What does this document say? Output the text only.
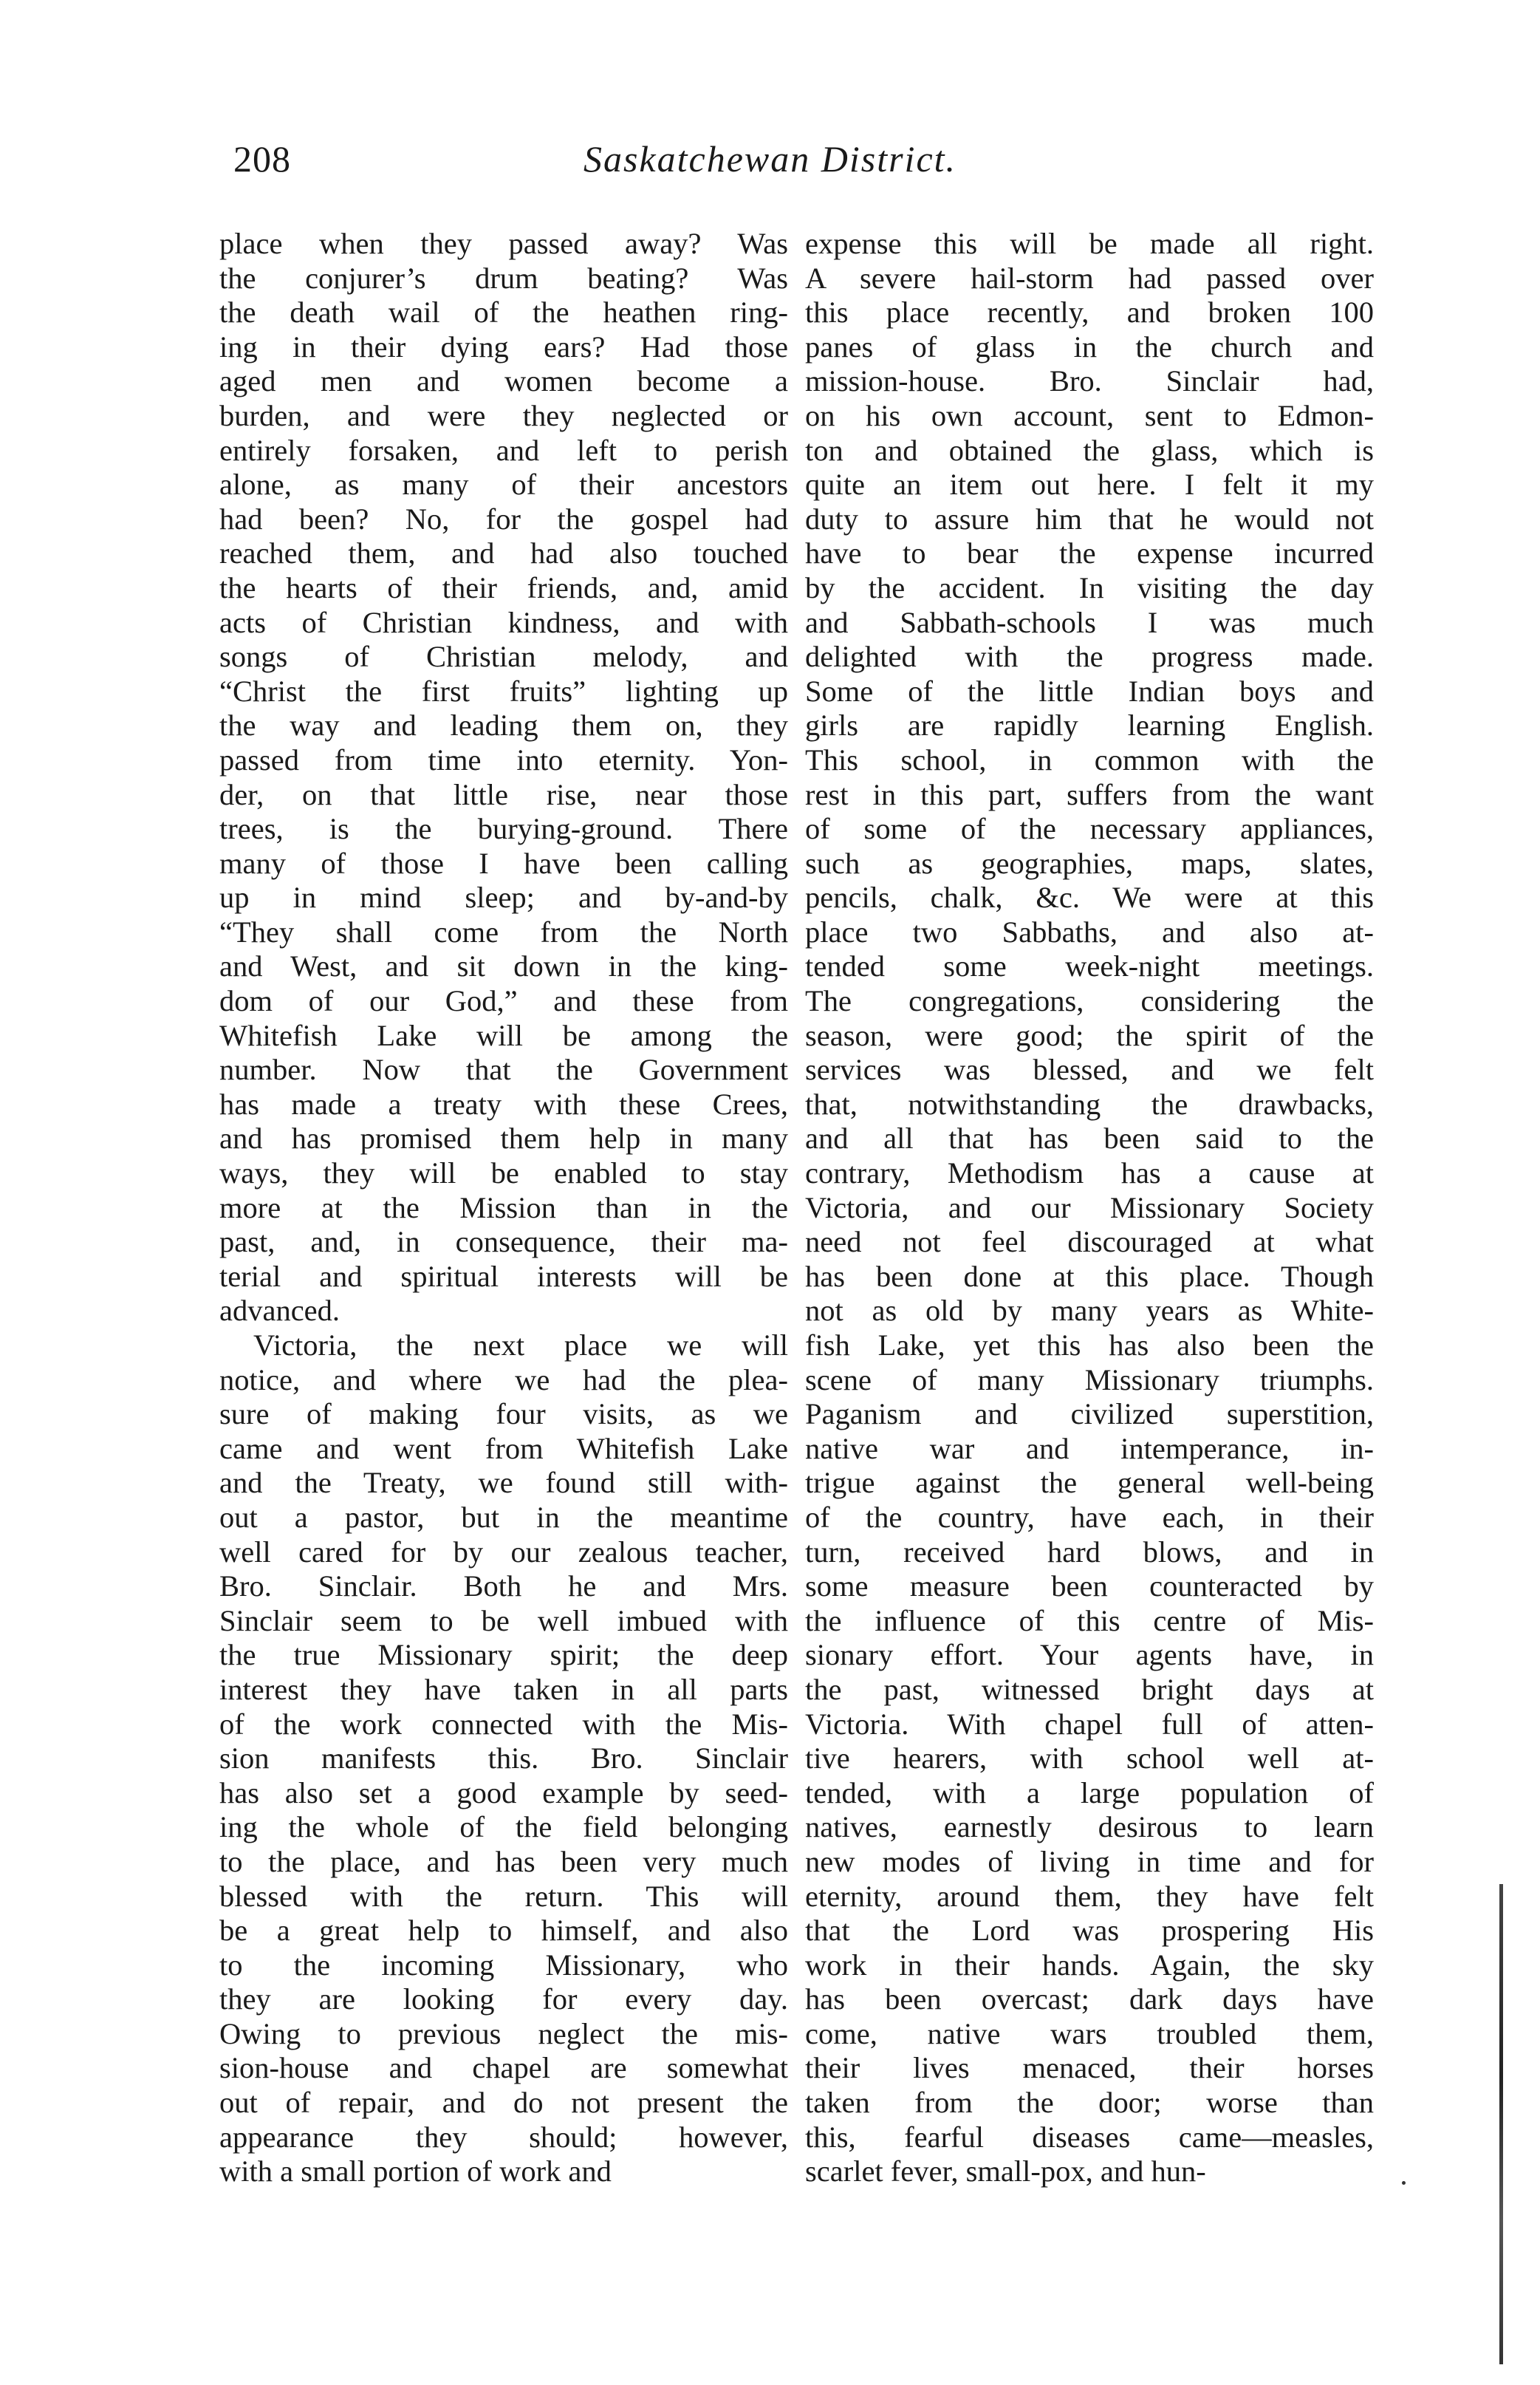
208	Saskatchewan District.
place when they passed away? Was
the conjurer’s drum beating? Was
the death wail of the heathen ring-
ing in their dying ears? Had those
aged men and women become a
burden, and were they neglected or
entirely forsaken, and left to perish
alone, as many of their ancestors
had been? No, for the gospel had
reached them, and had also touched
the hearts of their friends, and, amid
acts of Christian kindness, and with
songs of Christian melody, and
“Christ the first fruits” lighting up
the way and leading them on, they
passed from time into eternity. Yon-
der, on that little rise, near those
trees, is the burying-ground. There
many of those I have been calling
up in mind sleep; and by-and-by
“They shall come from the North
and West, and sit down in the king-
dom of our God,” and these from
Whitefish Lake will be among the
number. Now that the Government
has made a treaty with these Crees,
and has promised them help in many
ways, they will be enabled to stay
more at the Mission than in the
past, and, in consequence, their ma-
terial and spiritual interests will be
advanced.
Victoria, the next place we will
notice, and where we had the plea-
sure of making four visits, as we
came and went from Whitefish Lake
and the Treaty, we found still with-
out a pastor, but in the meantime
well cared for by our zealous teacher,
Bro. Sinclair. Both he and Mrs.
Sinclair seem to be well imbued with
the true Missionary spirit; the deep
interest they have taken in all parts
of the work connected with the Mis-
sion manifests this. Bro. Sinclair
has also set a good example by seed-
ing the whole of the field belonging
to the place, and has been very much
blessed with the return. This will
be a great help to himself, and also
to the incoming Missionary, who
they are looking for every day.
Owing to previous neglect the mis-
sion-house and chapel are somewhat
out of repair, and do not present the
appearance they should; however,
with a small portion of work and
expense this will be made all right.
A severe hail-storm had passed over
this place recently, and broken 100
panes of glass in the church and
mission-house. Bro. Sinclair had,
on his own account, sent to Edmon-
ton and obtained the glass, which is
quite an item out here. I felt it my
duty to assure him that he would not
have to bear the expense incurred
by the accident. In visiting the day
and Sabbath-schools I was much
delighted with the progress made.
Some of the little Indian boys and
girls are rapidly learning English.
This school, in common with the
rest in this part, suffers from the want
of some of the necessary appliances,
such as geographies, maps, slates,
pencils, chalk, &c. We were at this
place two Sabbaths, and also at-
tended some week-night meetings.
The congregations, considering the
season, were good; the spirit of the
services was blessed, and we felt
that, notwithstanding the drawbacks,
and all that has been said to the
contrary, Methodism has a cause at
Victoria, and our Missionary Society
need not feel discouraged at what
has been done at this place. Though
not as old by many years as White-
fish Lake, yet this has also been the
scene of many Missionary triumphs.
Paganism and civilized superstition,
native war and intemperance, in-
trigue against the general well-being
of the country, have each, in their
turn, received hard blows, and in
some measure been counteracted by
the influence of this centre of Mis-
sionary effort. Your agents have, in
the past, witnessed bright days at
Victoria. With chapel full of atten-
tive hearers, with school well at-
tended, with a large population of
natives, earnestly desirous to learn
new modes of living in time and for
eternity, around them, they have felt
that the Lord was prospering His
work in their hands. Again, the sky
has been overcast; dark days have
come, native wars troubled them,
their lives menaced, their horses
taken from the door; worse than
this, fearful diseases came—measles,
scarlet fever, small-pox, and hun-
